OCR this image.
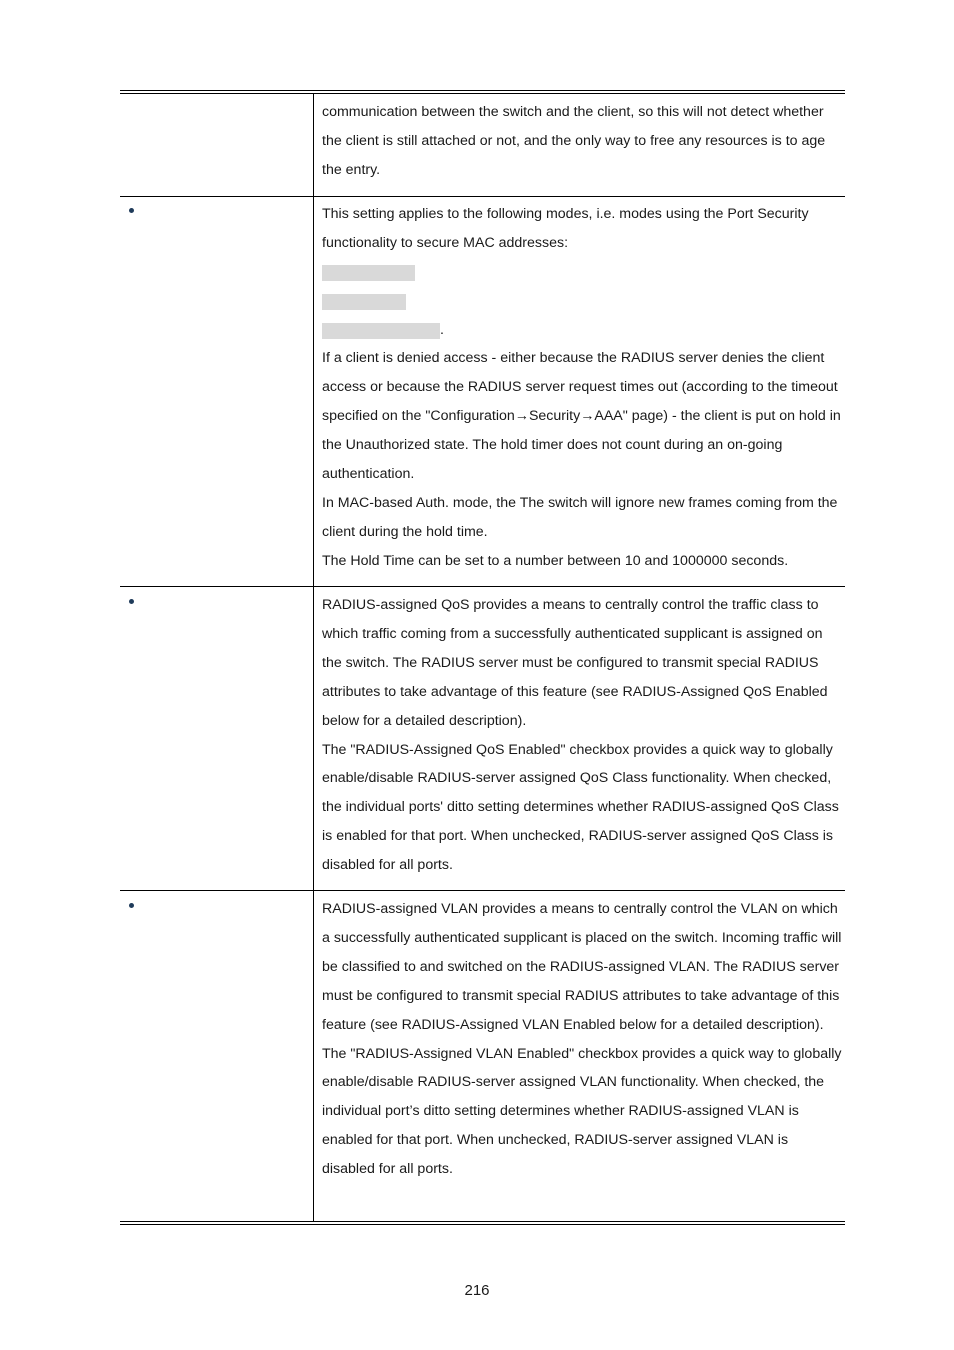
communication between the switch and the client, so this will not detect whether the client is still attached or not, and the only way to free any resources is to age the entry.

This setting applies to the following modes, i.e. modes using the Port Security functionality to secure MAC addresses:

.

If a client is denied access - either because the RADIUS server denies the client access or because the RADIUS server request times out (according to the timeout specified on the "Configuration→Security→AAA" page) - the client is put on hold in the Unauthorized state. The hold timer does not count during an on-going authentication.

In MAC-based Auth. mode, the The switch will ignore new frames coming from the client during the hold time.

The Hold Time can be set to a number between 10 and 1000000 seconds.

RADIUS-assigned QoS provides a means to centrally control the traffic class to which traffic coming from a successfully authenticated supplicant is assigned on the switch. The RADIUS server must be configured to transmit special RADIUS attributes to take advantage of this feature (see RADIUS-Assigned QoS Enabled below for a detailed description).

The "RADIUS-Assigned QoS Enabled" checkbox provides a quick way to globally enable/disable RADIUS-server assigned QoS Class functionality. When checked, the individual ports' ditto setting determines whether RADIUS-assigned QoS Class is enabled for that port. When unchecked, RADIUS-server assigned QoS Class is disabled for all ports.

RADIUS-assigned VLAN provides a means to centrally control the VLAN on which a successfully authenticated supplicant is placed on the switch. Incoming traffic will be classified to and switched on the RADIUS-assigned VLAN. The RADIUS server must be configured to transmit special RADIUS attributes to take advantage of this feature (see RADIUS-Assigned VLAN Enabled below for a detailed description).

The "RADIUS-Assigned VLAN Enabled" checkbox provides a quick way to globally enable/disable RADIUS-server assigned VLAN functionality. When checked, the individual port’s ditto setting determines whether RADIUS-assigned VLAN is enabled for that port. When unchecked, RADIUS-server assigned VLAN is disabled for all ports.

216
